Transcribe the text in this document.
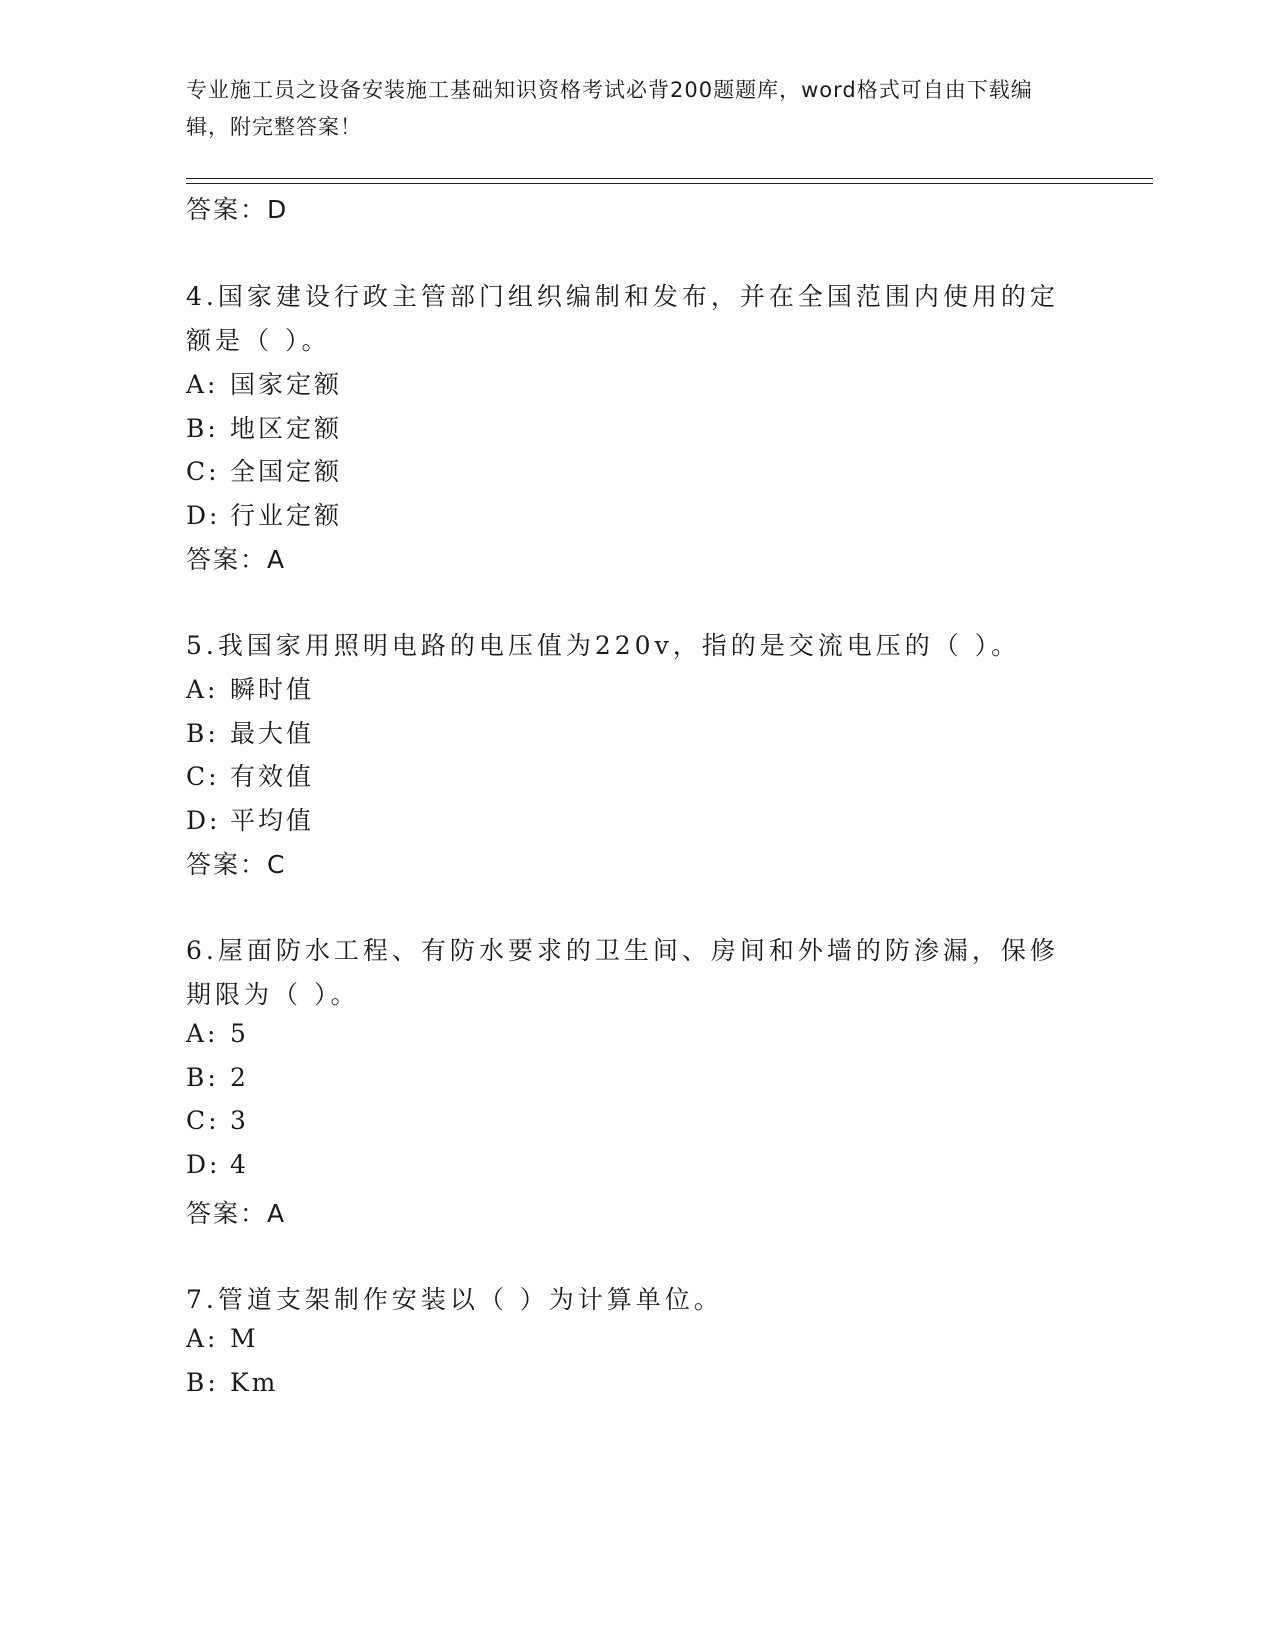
专业施工员之设备安装施工基础知识资格考试必背200题题库，word格式可自由下载编辑，附完整答案！
答案：D
4.国家建设行政主管部门组织编制和发布，并在全国范围内使用的定
额是（ ）。
A: 国家定额
B: 地区定额
C: 全国定额
D: 行业定额
答案：A
5.我国家用照明电路的电压值为220v，指的是交流电压的（ ）。
A: 瞬时值
B: 最大值
C: 有效值
D: 平均值
答案：C
6.屋面防水工程、有防水要求的卫生间、房间和外墙的防渗漏，保修
期限为（ ）。
A: 5
B: 2
C: 3
D: 4
答案：A
7.管道支架制作安装以（ ）为计算单位。
A: M
B: Km
